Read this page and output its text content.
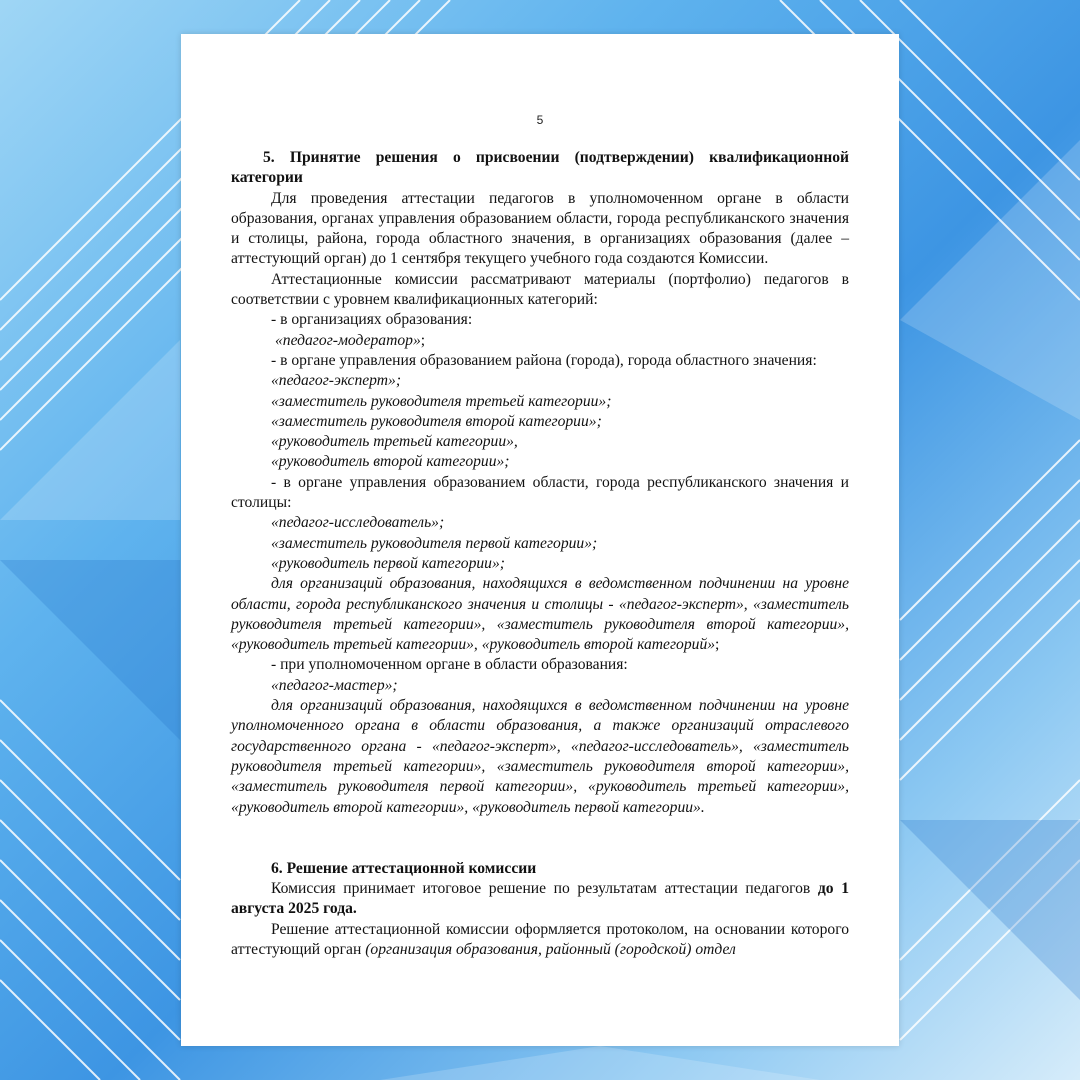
5

5. Принятие решения о присвоении (подтверждении) квалификационной категории

Для проведения аттестации педагогов в уполномоченном органе в области образования, органах управления образованием области, города республиканского значения и столицы, района, города областного значения, в организациях образования (далее – аттестующий орган) до 1 сентября текущего учебного года создаются Комиссии.

Аттестационные комиссии рассматривают материалы (портфолио) педагогов в соответствии с уровнем квалификационных категорий:

- в организациях образования:

«педагог-модератор»;

- в органе управления образованием района (города), города областного значения:

«педагог-эксперт»;

«заместитель руководителя третьей категории»;

«заместитель руководителя второй категории»;

«руководитель третьей категории»,

«руководитель второй категории»;

- в органе управления образованием области, города республиканского значения и столицы:

«педагог-исследователь»;

«заместитель руководителя первой категории»;

«руководитель первой категории»;

для организаций образования, находящихся в ведомственном подчинении на уровне области, города республиканского значения и столицы - «педагог-эксперт», «заместитель руководителя третьей категории», «заместитель руководителя второй категории», «руководитель третьей категории», «руководитель второй категорий»;

- при уполномоченном органе в области образования:

«педагог-мастер»;

для организаций образования, находящихся в ведомственном подчинении на уровне уполномоченного органа в области образования, а также организаций отраслевого государственного органа - «педагог-эксперт», «педагог-исследователь», «заместитель руководителя третьей категории», «заместитель руководителя второй категории», «заместитель руководителя первой категории», «руководитель третьей категории», «руководитель второй категории», «руководитель первой категории».

6. Решение аттестационной комиссии

Комиссия принимает итоговое решение по результатам аттестации педагогов до 1 августа 2025 года.

Решение аттестационной комиссии оформляется протоколом, на основании которого аттестующий орган (организация образования, районный (городской) отдел
